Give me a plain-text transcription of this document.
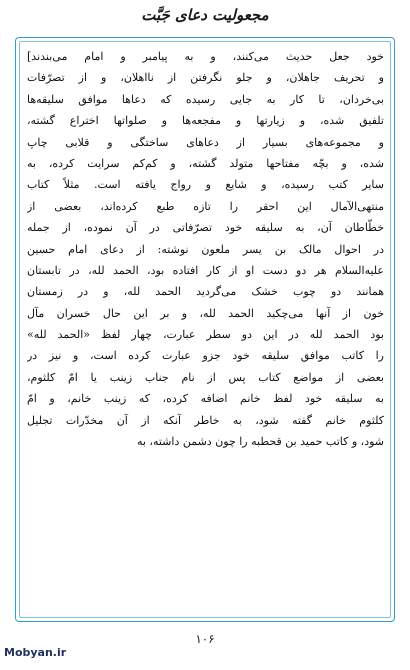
مجعولیت دعای جَبَّت
خود جعل حدیث می‌کنند، و به پیامبر و امام می‌بندند]
و تحریف جاهلان، و جلو نگرفتن از نااهلان، و از تصرّفات
بی‌خردان، تا کار به جایی رسیده که دعاها موافق سلیقه‌ها
تلفیق شده، و زیارتها و مفجعه‌ها و صلواتها اختراع گشته،
و مجموعه‌های بسیار از دعاهای ساختگی و قلابی چاپ
شده، و بچّه مفتاحها متولد گشته، و کم‌کم سرایت کرده، به
سایر کتب رسیده، و شایع و رواج یافته است. مثلاً کتاب
منتهی‌الآمال این احقر را تازه طبع کرده‌اند، بعضی از
خطّاطان آن، به سلیقه خود تصرّفاتی در آن نموده، از جمله
در احوال مالک بن یسر ملعون نوشته: از دعای امام حسین
علیه‌السلام هر دو دست او از کار افتاده بود، الحمد لله، در تابستان
همانند دو چوب خشک می‌گردید الحمد لله، و در زمستان
خون از آنها می‌چکید الحمد لله، و بر این حال خسران مآل
بود الحمد لله در این دو سطر عبارت، چهار لفظ «الحمد لله»
را کاتب موافق سلیقه خود جزو عبارت کرده است، و نیز در
بعضی از مواضع کتاب پس از نام جناب زینب یا امّ کلثوم،
به سلیقه خود لفظ خانم اضافه کرده، که زینب خانم، و امّ
کلثوم خانم گفته شود، به خاطر آنکه از آن مخدّرات تجلیل
شود، و کاتب حمید بن قحطبه را چون دشمن داشته، به
۱۰۶
Mobyan.ir
